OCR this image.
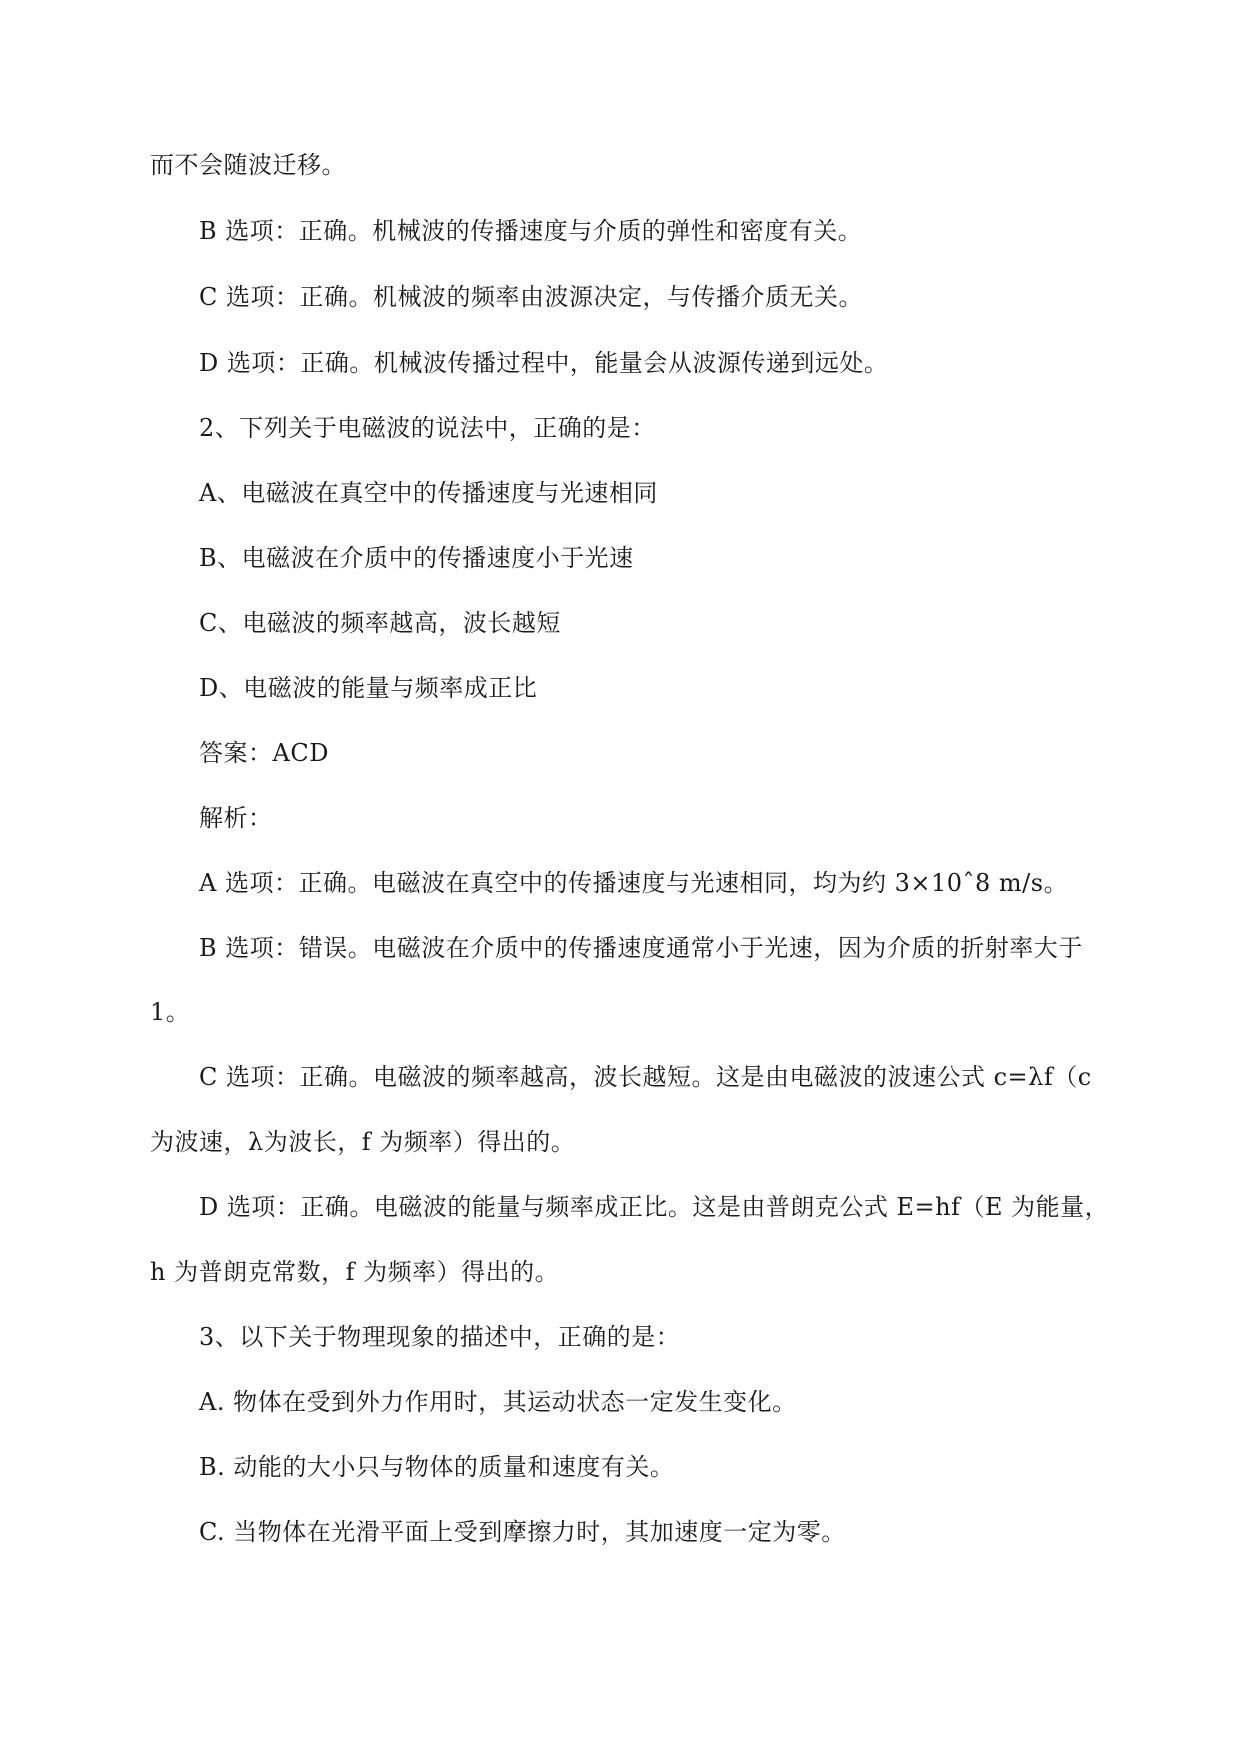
而不会随波迁移。
B 选项：正确。机械波的传播速度与介质的弹性和密度有关。
C 选项：正确。机械波的频率由波源决定，与传播介质无关。
D 选项：正确。机械波传播过程中，能量会从波源传递到远处。
2、下列关于电磁波的说法中，正确的是：
A、电磁波在真空中的传播速度与光速相同
B、电磁波在介质中的传播速度小于光速
C、电磁波的频率越高，波长越短
D、电磁波的能量与频率成正比
答案：ACD
解析：
A 选项：正确。电磁波在真空中的传播速度与光速相同，均为约 3×10ˆ8 m/s。
B 选项：错误。电磁波在介质中的传播速度通常小于光速，因为介质的折射率大于
1。
C 选项：正确。电磁波的频率越高，波长越短。这是由电磁波的波速公式 c=λf（c
为波速，λ为波长，f 为频率）得出的。
D 选项：正确。电磁波的能量与频率成正比。这是由普朗克公式 E=hf（E 为能量，
h 为普朗克常数，f 为频率）得出的。
3、以下关于物理现象的描述中，正确的是：
A. 物体在受到外力作用时，其运动状态一定发生变化。
B. 动能的大小只与物体的质量和速度有关。
C. 当物体在光滑平面上受到摩擦力时，其加速度一定为零。
